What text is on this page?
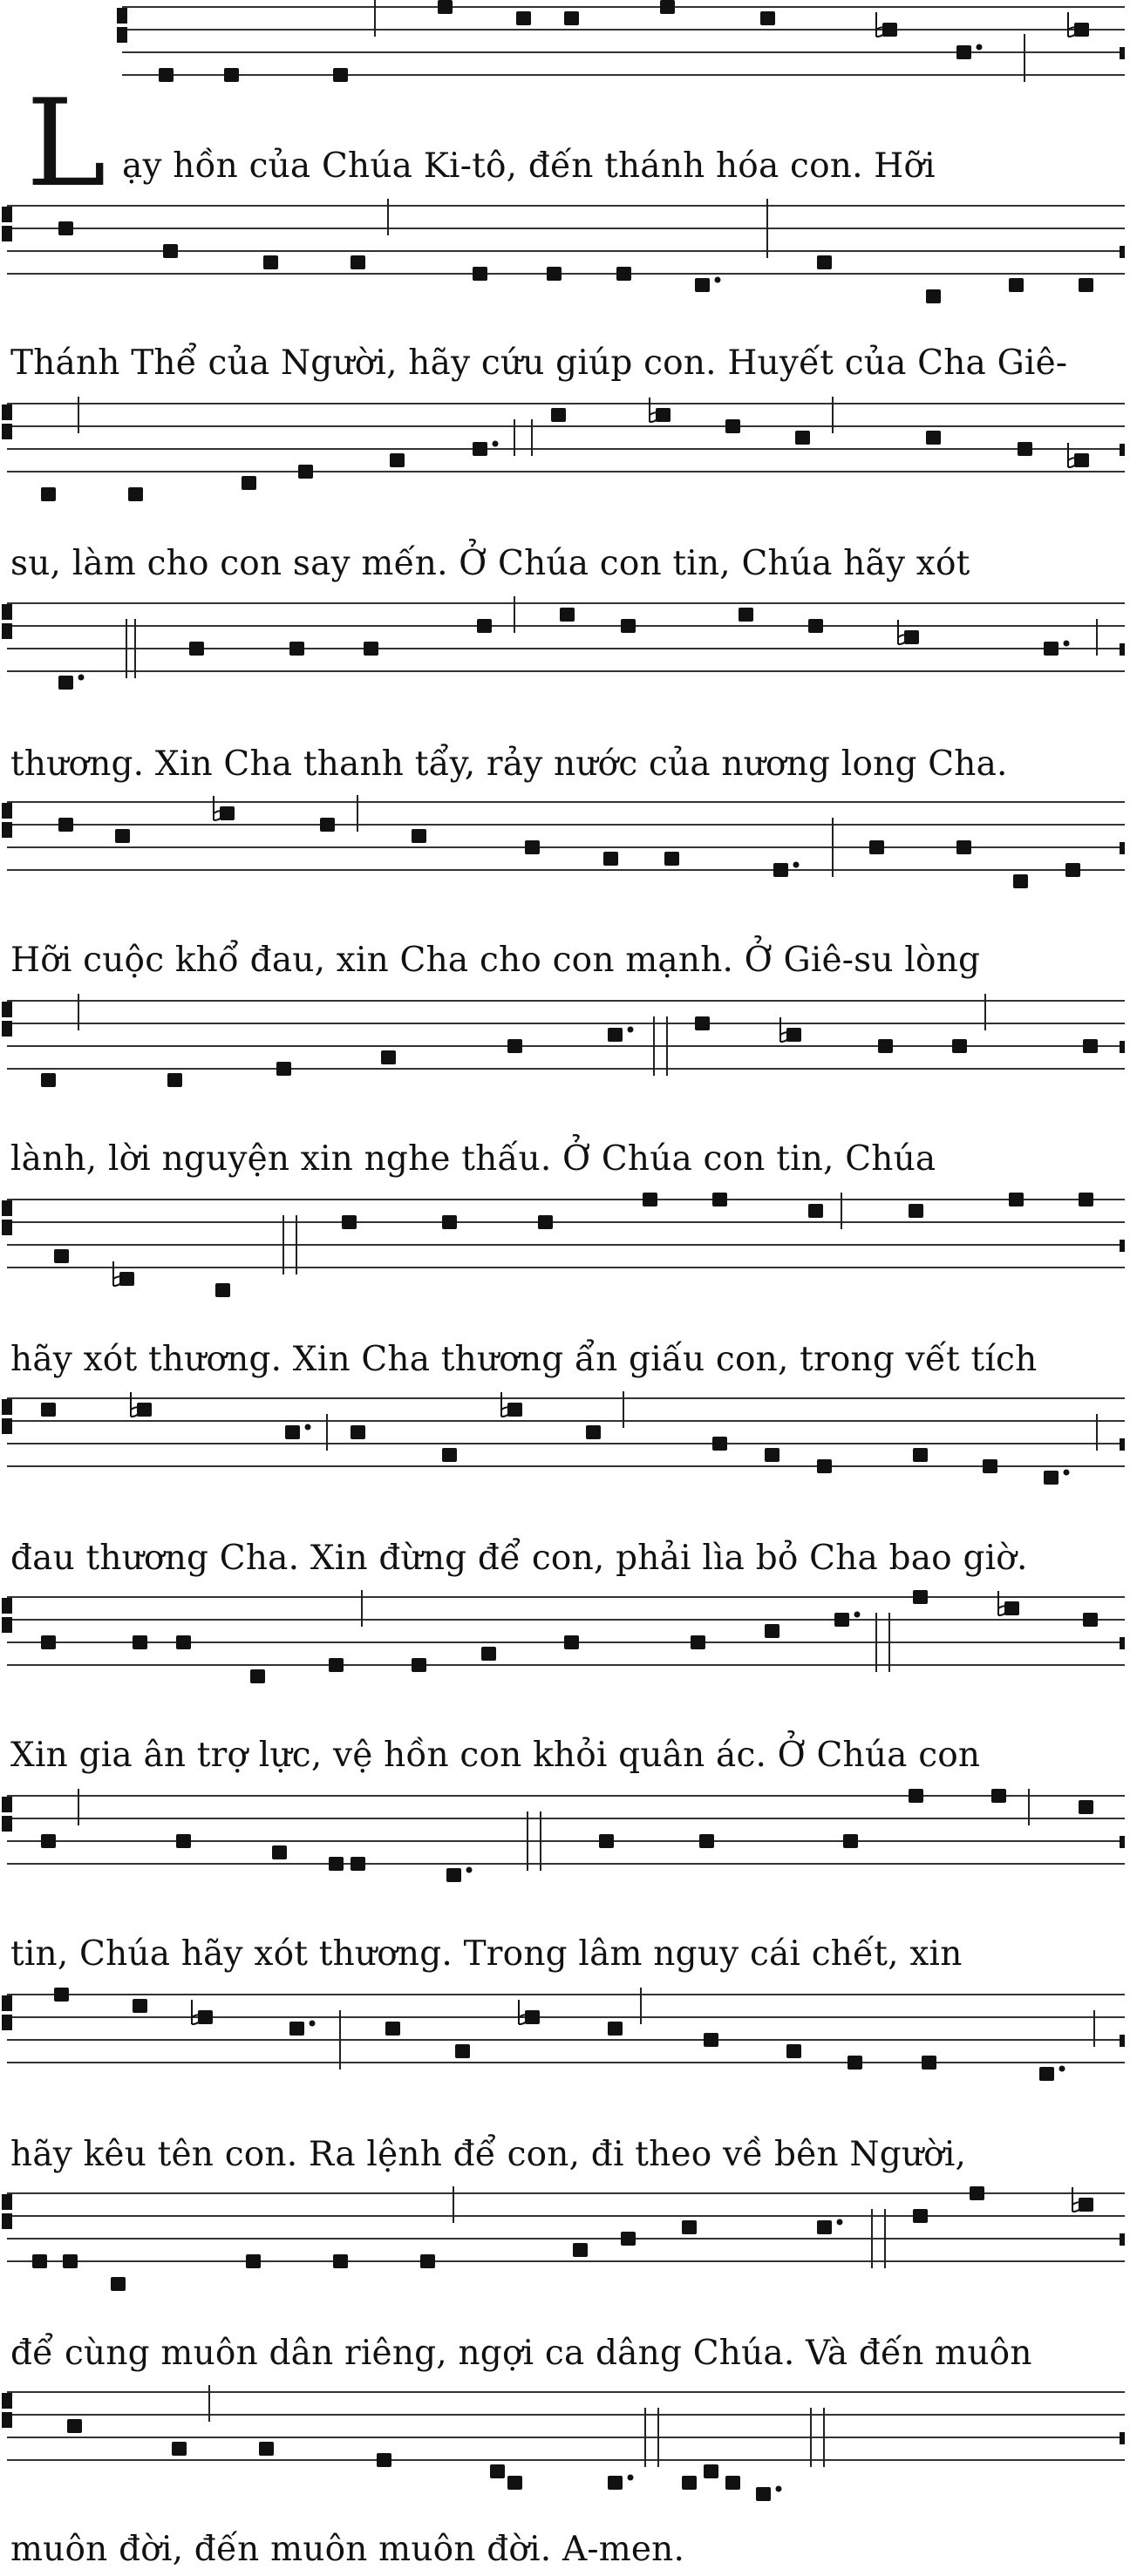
L ạy hồn của Chúa Ki-tô, đến thánh hóa con. Hỡi
Thánh Thể của Người, hãy cứu giúp con. Huyết của Cha Giê-
su, làm cho con say mến. Ở Chúa con tin, Chúa hãy xót
thương. Xin Cha thanh tẩy, rảy nước của nương long Cha.
Hỡi cuộc khổ đau, xin Cha cho con mạnh. Ở Giê-su lòng
lành, lời nguyện xin nghe thấu. Ở Chúa con tin, Chúa
hãy xót thương. Xin Cha thương ẩn giấu con, trong vết tích
đau thương Cha. Xin đừng để con, phải lìa bỏ Cha bao giờ.
Xin gia ân trợ lực, vệ hồn con khỏi quân ác. Ở Chúa con
tin, Chúa hãy xót thương. Trong lâm nguy cái chết, xin
hãy kêu tên con. Ra lệnh để con, đi theo về bên Người,
để cùng muôn dân riêng, ngợi ca dâng Chúa. Và đến muôn
muôn đời, đến muôn muôn đời. A-men.
